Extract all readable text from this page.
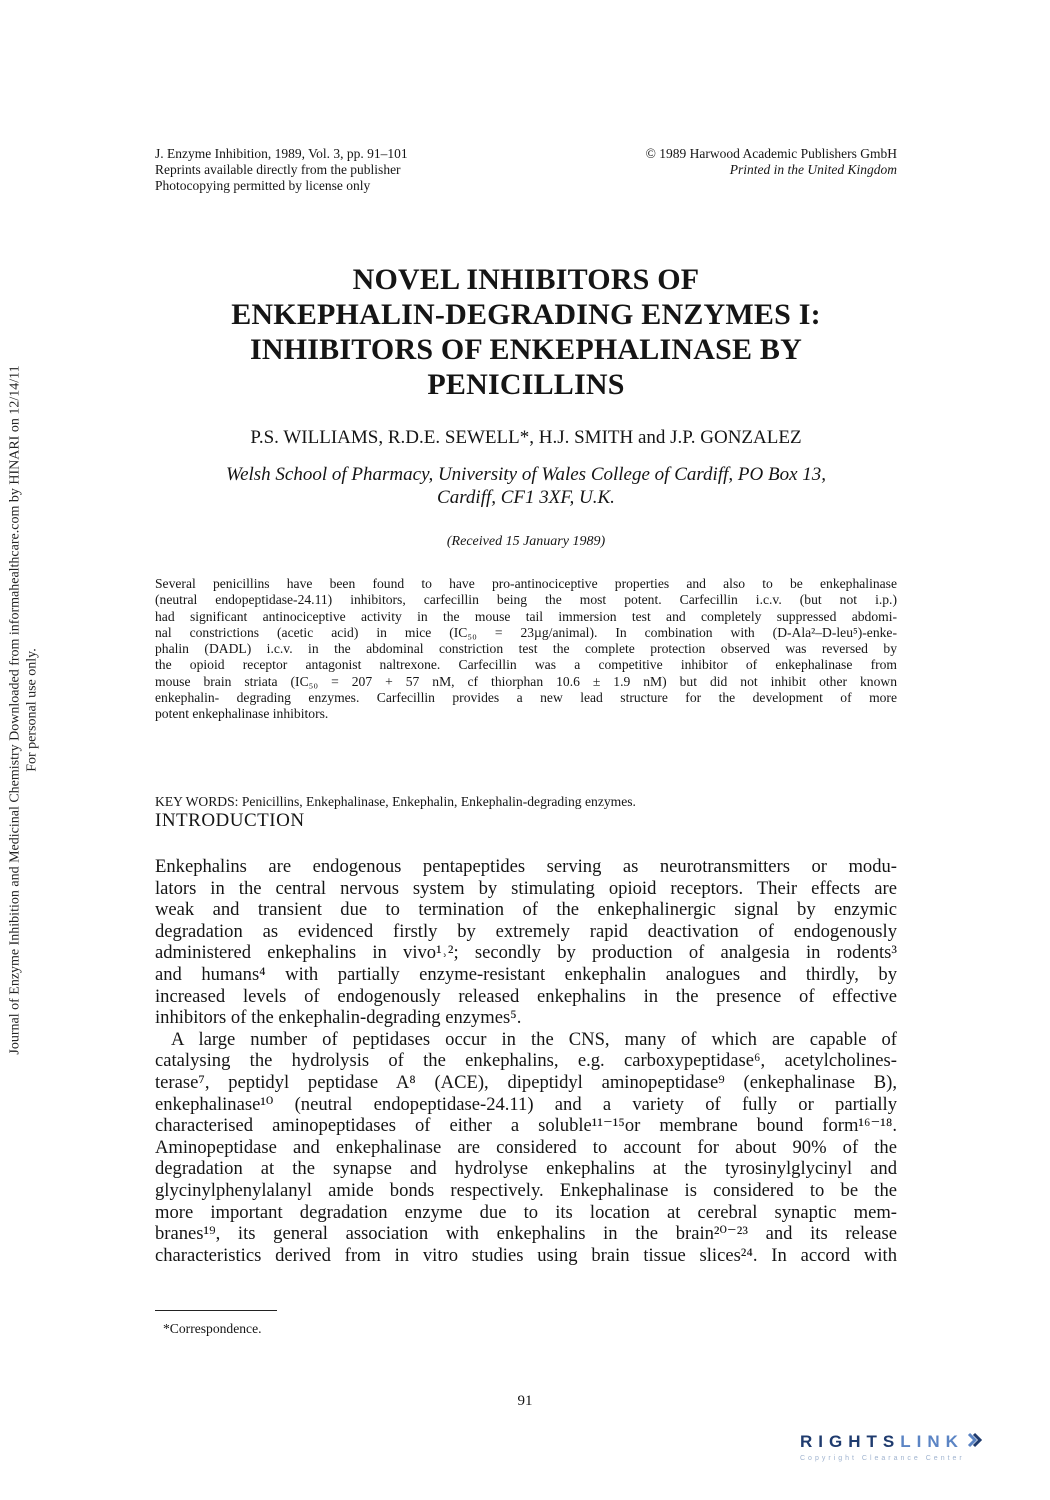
Journal of Enzyme Inhibition and Medicinal Chemistry Downloaded from informahealthcare.com by HINARI on 12/14/11 For personal use only.
J. Enzyme Inhibition, 1989, Vol. 3, pp. 91–101
Reprints available directly from the publisher
Photocopying permitted by license only
© 1989 Harwood Academic Publishers GmbH
Printed in the United Kingdom
NOVEL INHIBITORS OF
ENKEPHALIN-DEGRADING ENZYMES I:
INHIBITORS OF ENKEPHALINASE BY
PENICILLINS
P.S. WILLIAMS, R.D.E. SEWELL*, H.J. SMITH and J.P. GONZALEZ
Welsh School of Pharmacy, University of Wales College of Cardiff, PO Box 13,
Cardiff, CF1 3XF, U.K.
(Received 15 January 1989)
Several penicillins have been found to have pro-antinociceptive properties and also to be enkephalinase
(neutral endopeptidase-24.11) inhibitors, carfecillin being the most potent. Carfecillin i.c.v. (but not i.p.)
had significant antinociceptive activity in the mouse tail immersion test and completely suppressed abdomi-
nal constrictions (acetic acid) in mice (IC₅₀ = 23µg/animal). In combination with (D-Ala²–D-leu⁵)-enke-
phalin (DADL) i.c.v. in the abdominal constriction test the complete protection observed was reversed by
the opioid receptor antagonist naltrexone. Carfecillin was a competitive inhibitor of enkephalinase from
mouse brain striata (IC₅₀ = 207 + 57 nM, cf thiorphan 10.6 ± 1.9 nM) but did not inhibit other known
enkephalin- degrading enzymes. Carfecillin provides a new lead structure for the development of more
potent enkephalinase inhibitors.
KEY WORDS: Penicillins, Enkephalinase, Enkephalin, Enkephalin-degrading enzymes.
INTRODUCTION
Enkephalins are endogenous pentapeptides serving as neurotransmitters or modu-
lators in the central nervous system by stimulating opioid receptors. Their effects are
weak and transient due to termination of the enkephalinergic signal by enzymic
degradation as evidenced firstly by extremely rapid deactivation of endogenously
administered enkephalins in vivo¹˒²; secondly by production of analgesia in rodents³
and humans⁴ with partially enzyme-resistant enkephalin analogues and thirdly, by
increased levels of endogenously released enkephalins in the presence of effective
inhibitors of the enkephalin-degrading enzymes⁵.
A large number of peptidases occur in the CNS, many of which are capable of
catalysing the hydrolysis of the enkephalins, e.g. carboxypeptidase⁶, acetylcholines-
terase⁷, peptidyl peptidase A⁸ (ACE), dipeptidyl aminopeptidase⁹ (enkephalinase B),
enkephalinase¹⁰ (neutral endopeptidase-24.11) and a variety of fully or partially
characterised aminopeptidases of either a soluble¹¹⁻¹⁵or membrane bound form¹⁶⁻¹⁸.
Aminopeptidase and enkephalinase are considered to account for about 90% of the
degradation at the synapse and hydrolyse enkephalins at the tyrosinylglycinyl and
glycinylphenylalanyl amide bonds respectively. Enkephalinase is considered to be the
more important degradation enzyme due to its location at cerebral synaptic mem-
branes¹⁹, its general association with enkephalins in the brain²⁰⁻²³ and its release
characteristics derived from in vitro studies using brain tissue slices²⁴. In accord with
*Correspondence.
91
RIGHTSLINK
Copyright Clearance Center
